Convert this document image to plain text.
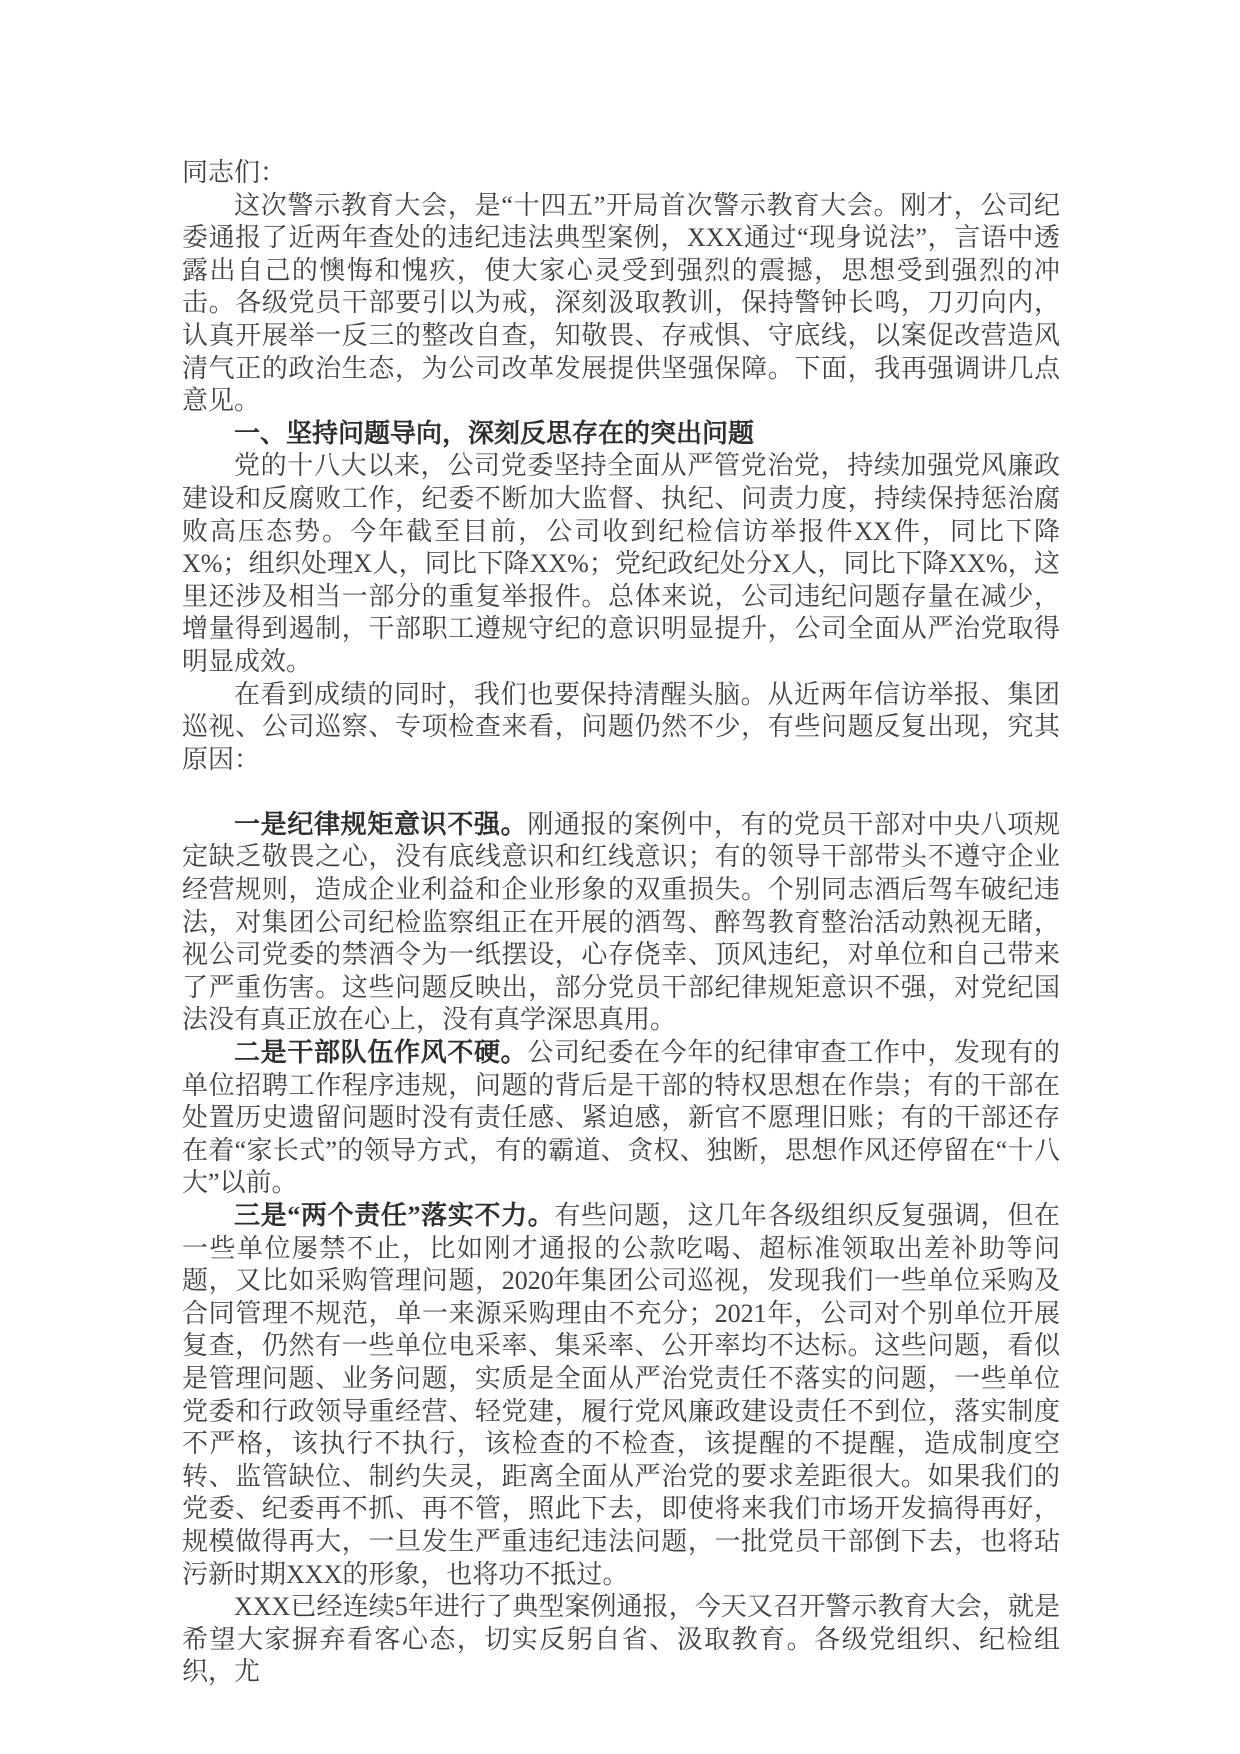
同志们：

这次警示教育大会，是“十四五”开局首次警示教育大会。刚才，公司纪委通报了近两年查处的违纪违法典型案例，XXX通过“现身说法”，言语中透露出自己的懊悔和愧疚，使大家心灵受到强烈的震撼，思想受到强烈的冲击。各级党员干部要引以为戒，深刻汲取教训，保持警钟长鸣，刀刃向内，认真开展举一反三的整改自查，知敬畏、存戒惧、守底线，以案促改营造风清气正的政治生态，为公司改革发展提供坚强保障。下面，我再强调讲几点意见。

一、坚持问题导向，深刻反思存在的突出问题

党的十八大以来，公司党委坚持全面从严管党治党，持续加强党风廉政建设和反腐败工作，纪委不断加大监督、执纪、问责力度，持续保持惩治腐败高压态势。今年截至目前，公司收到纪检信访举报件XX件，同比下降X%；组织处理X人，同比下降XX%；党纪政纪处分X人，同比下降XX%，这里还涉及相当一部分的重复举报件。总体来说，公司违纪问题存量在减少，增量得到遏制，干部职工遵规守纪的意识明显提升，公司全面从严治党取得明显成效。

在看到成绩的同时，我们也要保持清醒头脑。从近两年信访举报、集团巡视、公司巡察、专项检查来看，问题仍然不少，有些问题反复出现，究其原因：

一是纪律规矩意识不强。刚通报的案例中，有的党员干部对中央八项规定缺乏敬畏之心，没有底线意识和红线意识；有的领导干部带头不遵守企业经营规则，造成企业利益和企业形象的双重损失。个别同志酒后驾车破纪违法，对集团公司纪检监察组正在开展的酒驾、醉驾教育整治活动熟视无睹，视公司党委的禁酒令为一纸摆设，心存侥幸、顶风违纪，对单位和自己带来了严重伤害。这些问题反映出，部分党员干部纪律规矩意识不强，对党纪国法没有真正放在心上，没有真学深思真用。

二是干部队伍作风不硬。公司纪委在今年的纪律审查工作中，发现有的单位招聘工作程序违规，问题的背后是干部的特权思想在作祟；有的干部在处置历史遗留问题时没有责任感、紧迫感，新官不愿理旧账；有的干部还存在着“家长式”的领导方式，有的霸道、贪权、独断，思想作风还停留在“十八大”以前。

三是“两个责任”落实不力。有些问题，这几年各级组织反复强调，但在一些单位屡禁不止，比如刚才通报的公款吃喝、超标准领取出差补助等问题，又比如采购管理问题，2020年集团公司巡视，发现我们一些单位采购及合同管理不规范，单一来源采购理由不充分；2021年，公司对个别单位开展复查，仍然有一些单位电采率、集采率、公开率均不达标。这些问题，看似是管理问题、业务问题，实质是全面从严治党责任不落实的问题，一些单位党委和行政领导重经营、轻党建，履行党风廉政建设责任不到位，落实制度不严格，该执行不执行，该检查的不检查，该提醒的不提醒，造成制度空转、监管缺位、制约失灵，距离全面从严治党的要求差距很大。如果我们的党委、纪委再不抓、再不管，照此下去，即使将来我们市场开发搞得再好，规模做得再大，一旦发生严重违纪违法问题，一批党员干部倒下去，也将玷污新时期XXX的形象，也将功不抵过。

XXX已经连续5年进行了典型案例通报，今天又召开警示教育大会，就是希望大家摒弃看客心态，切实反躬自省、汲取教育。各级党组织、纪检组织，尤
